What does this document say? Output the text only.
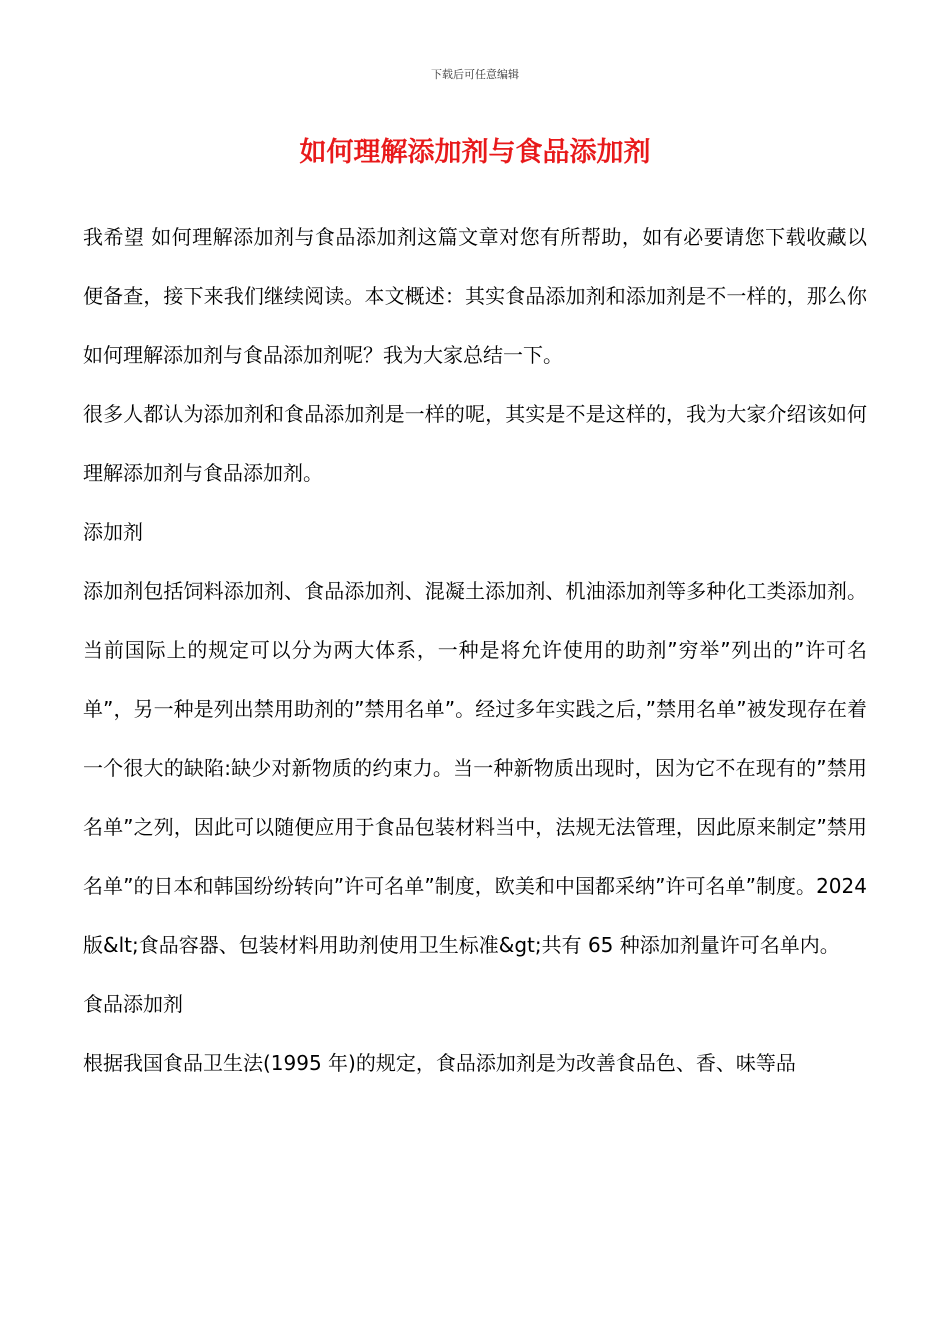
下载后可任意编辑
如何理解添加剂与食品添加剂

我希望 如何理解添加剂与食品添加剂这篇文章对您有所帮助，如有必要请您下载收藏以便备查，接下来我们继续阅读。本文概述：其实食品添加剂和添加剂是不一样的，那么你如何理解添加剂与食品添加剂呢？我为大家总结一下。

很多人都认为添加剂和食品添加剂是一样的呢，其实是不是这样的，我为大家介绍该如何理解添加剂与食品添加剂。

添加剂

添加剂包括饲料添加剂、食品添加剂、混凝土添加剂、机油添加剂等多种化工类添加剂。当前国际上的规定可以分为两大体系，一种是将允许使用的助剂”穷举”列出的”许可名单”，另一种是列出禁用助剂的”禁用名单”。经过多年实践之后，”禁用名单”被发现存在着一个很大的缺陷:缺少对新物质的约束力。当一种新物质出现时，因为它不在现有的”禁用名单”之列，因此可以随便应用于食品包装材料当中，法规无法管理，因此原来制定”禁用名单”的日本和韩国纷纷转向”许可名单”制度，欧美和中国都采纳”许可名单”制度。2024 版&lt;食品容器、包装材料用助剂使用卫生标准&gt;共有 65 种添加剂量许可名单内。

食品添加剂

根据我国食品卫生法(1995 年)的规定，食品添加剂是为改善食品色、香、味等品
